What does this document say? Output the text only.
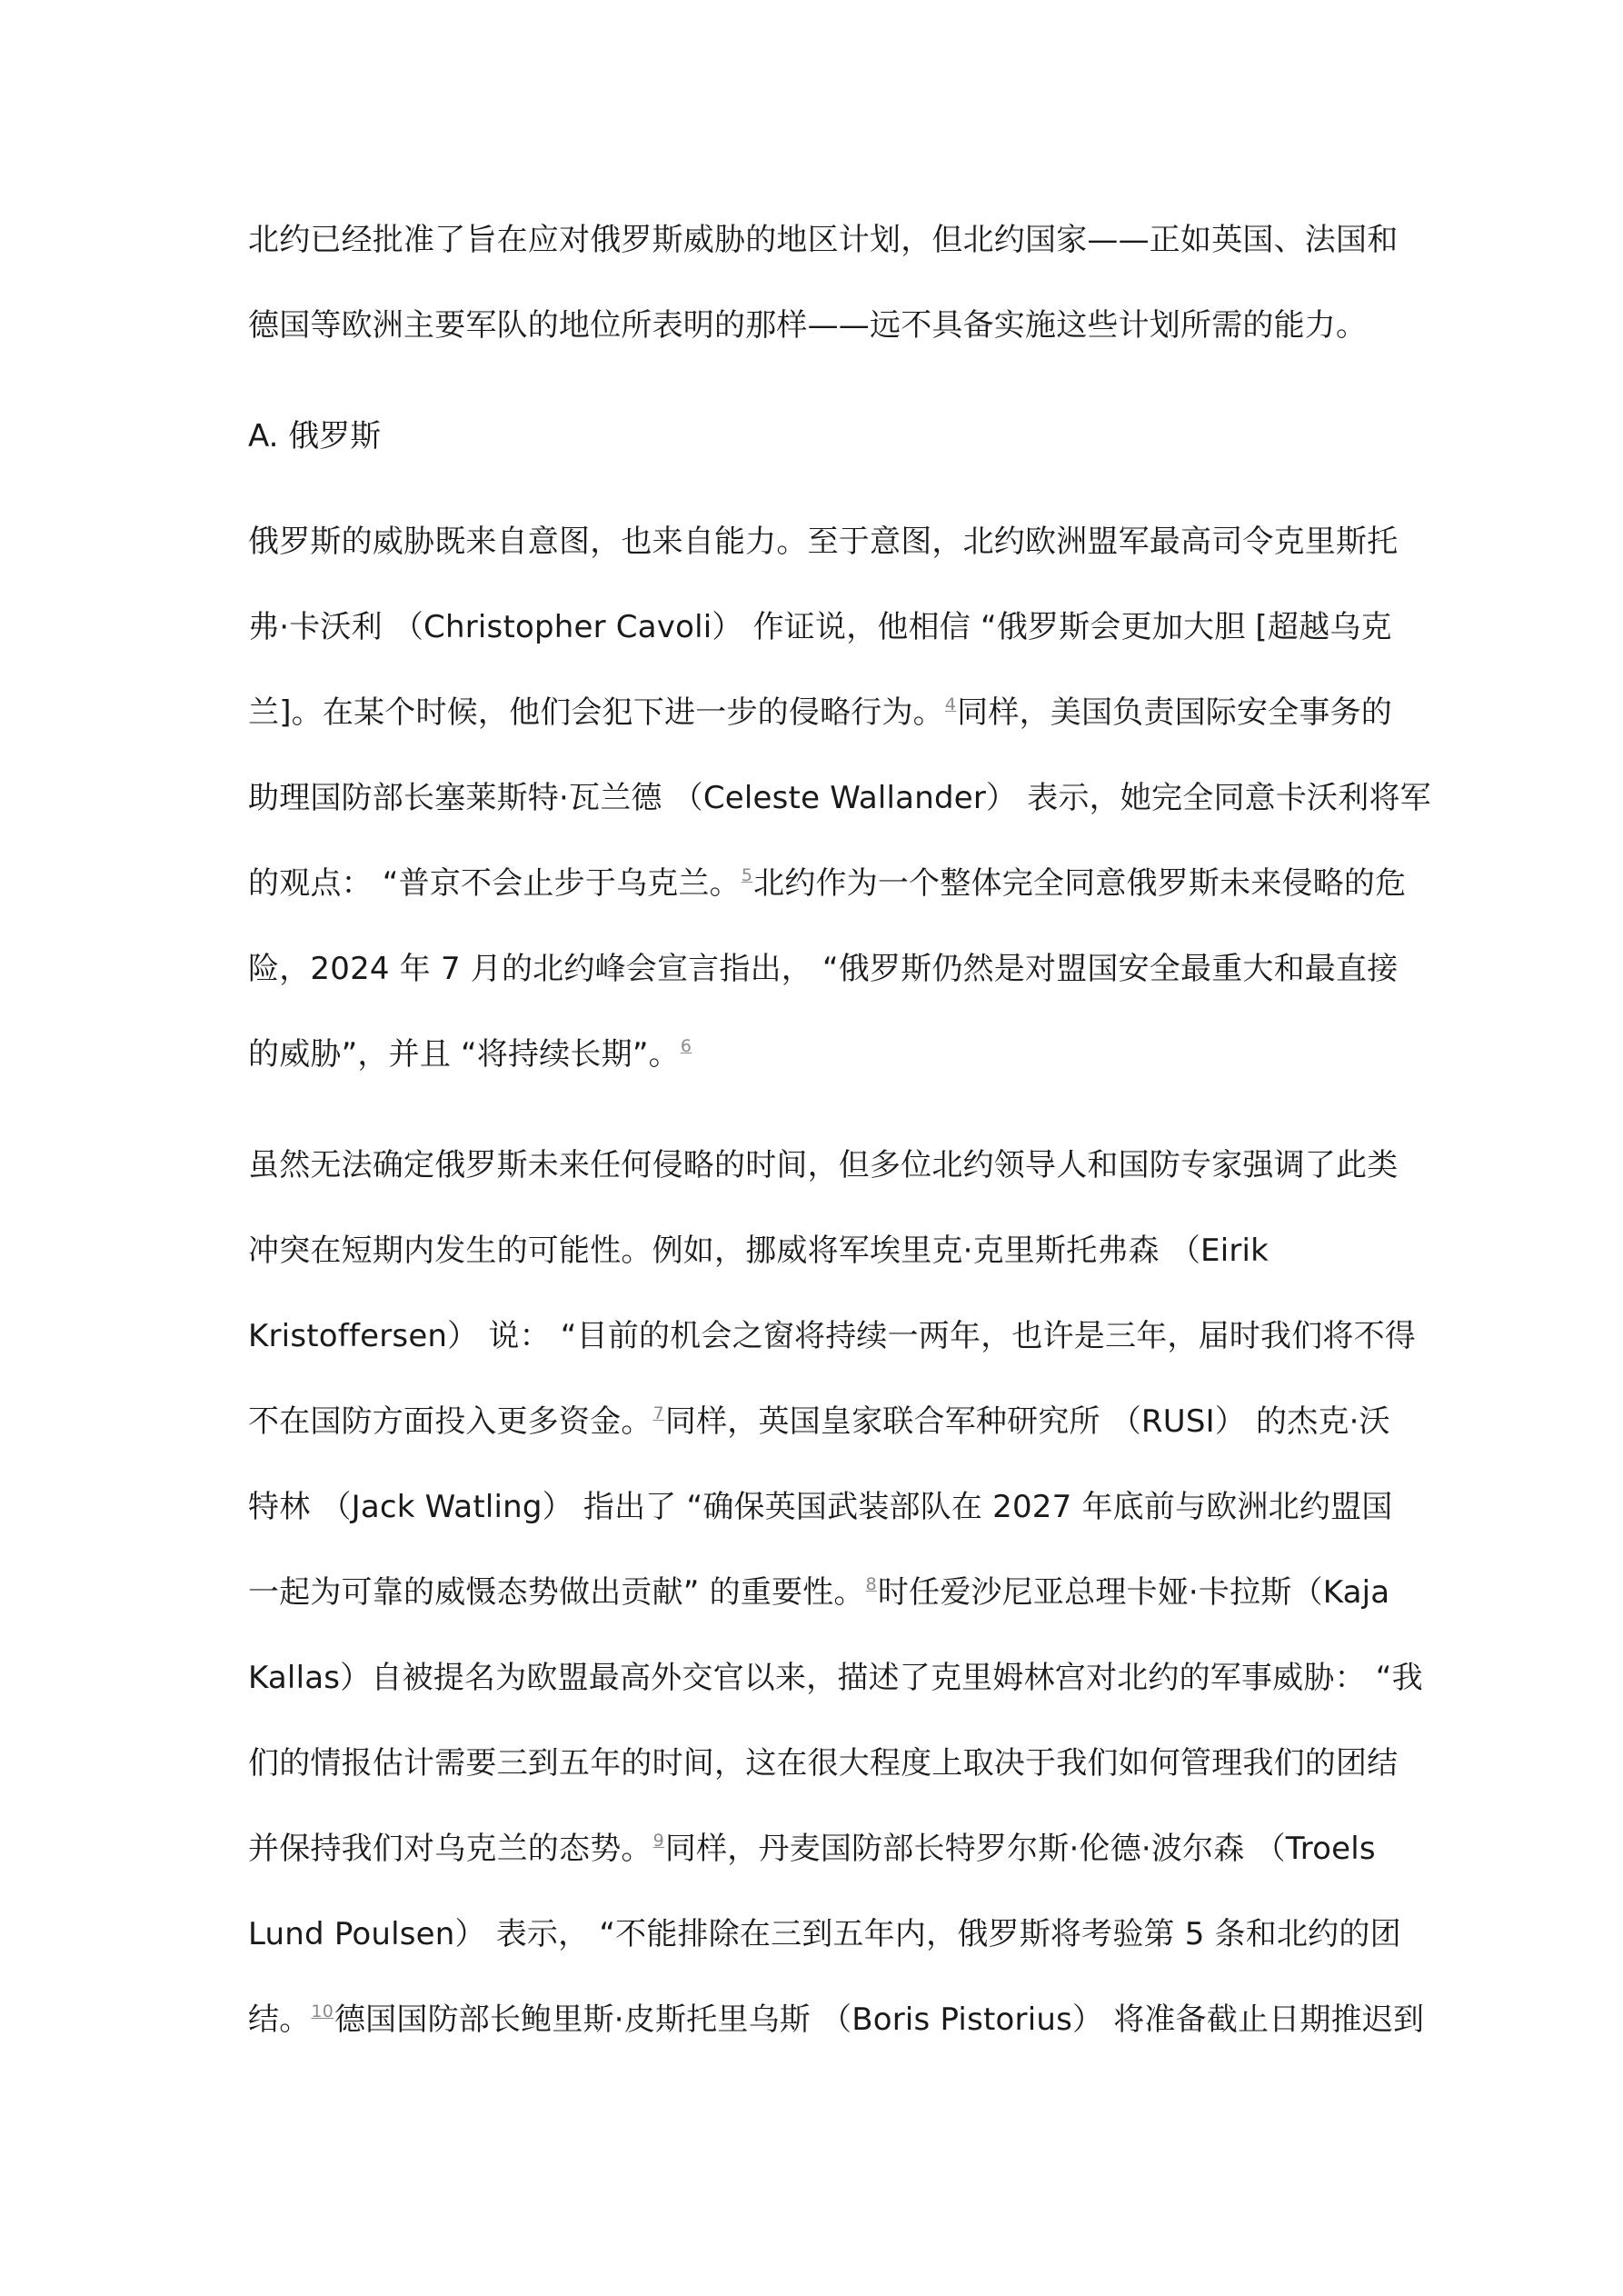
北约已经批准了旨在应对俄罗斯威胁的地区计划，但北约国家——正如英国、法国和
德国等欧洲主要军队的地位所表明的那样——远不具备实施这些计划所需的能力。
A. 俄罗斯
俄罗斯的威胁既来自意图，也来自能力。至于意图，北约欧洲盟军最高司令克里斯托
弗·卡沃利 （Christopher Cavoli） 作证说，他相信 “俄罗斯会更加大胆 [超越乌克
兰]。在某个时候，他们会犯下进一步的侵略行为。$^4$同样，美国负责国际安全事务的
助理国防部长塞莱斯特·瓦兰德 （Celeste Wallander） 表示，她完全同意卡沃利将军
的观点： “普京不会止步于乌克兰。$^5$北约作为一个整体完全同意俄罗斯未来侵略的危
险，2024 年 7 月的北约峰会宣言指出， “俄罗斯仍然是对盟国安全最重大和最直接
的威胁”，并且 “将持续长期”。$^6$
虽然无法确定俄罗斯未来任何侵略的时间，但多位北约领导人和国防专家强调了此类
冲突在短期内发生的可能性。例如，挪威将军埃里克·克里斯托弗森 （Eirik
Kristoffersen） 说： “目前的机会之窗将持续一两年，也许是三年，届时我们将不得
不在国防方面投入更多资金。$^7$同样，英国皇家联合军种研究所 （RUSI） 的杰克·沃
特林 （Jack Watling） 指出了 “确保英国武装部队在 2027 年底前与欧洲北约盟国
一起为可靠的威慑态势做出贡献” 的重要性。$^8$时任爱沙尼亚总理卡娅·卡拉斯（Kaja
Kallas）自被提名为欧盟最高外交官以来，描述了克里姆林宫对北约的军事威胁： “我
们的情报估计需要三到五年的时间，这在很大程度上取决于我们如何管理我们的团结
并保持我们对乌克兰的态势。$^9$同样，丹麦国防部长特罗尔斯·伦德·波尔森 （Troels
Lund Poulsen） 表示， “不能排除在三到五年内，俄罗斯将考验第 5 条和北约的团
结。$^{10}$德国国防部长鲍里斯·皮斯托里乌斯 （Boris Pistorius） 将准备截止日期推迟到
